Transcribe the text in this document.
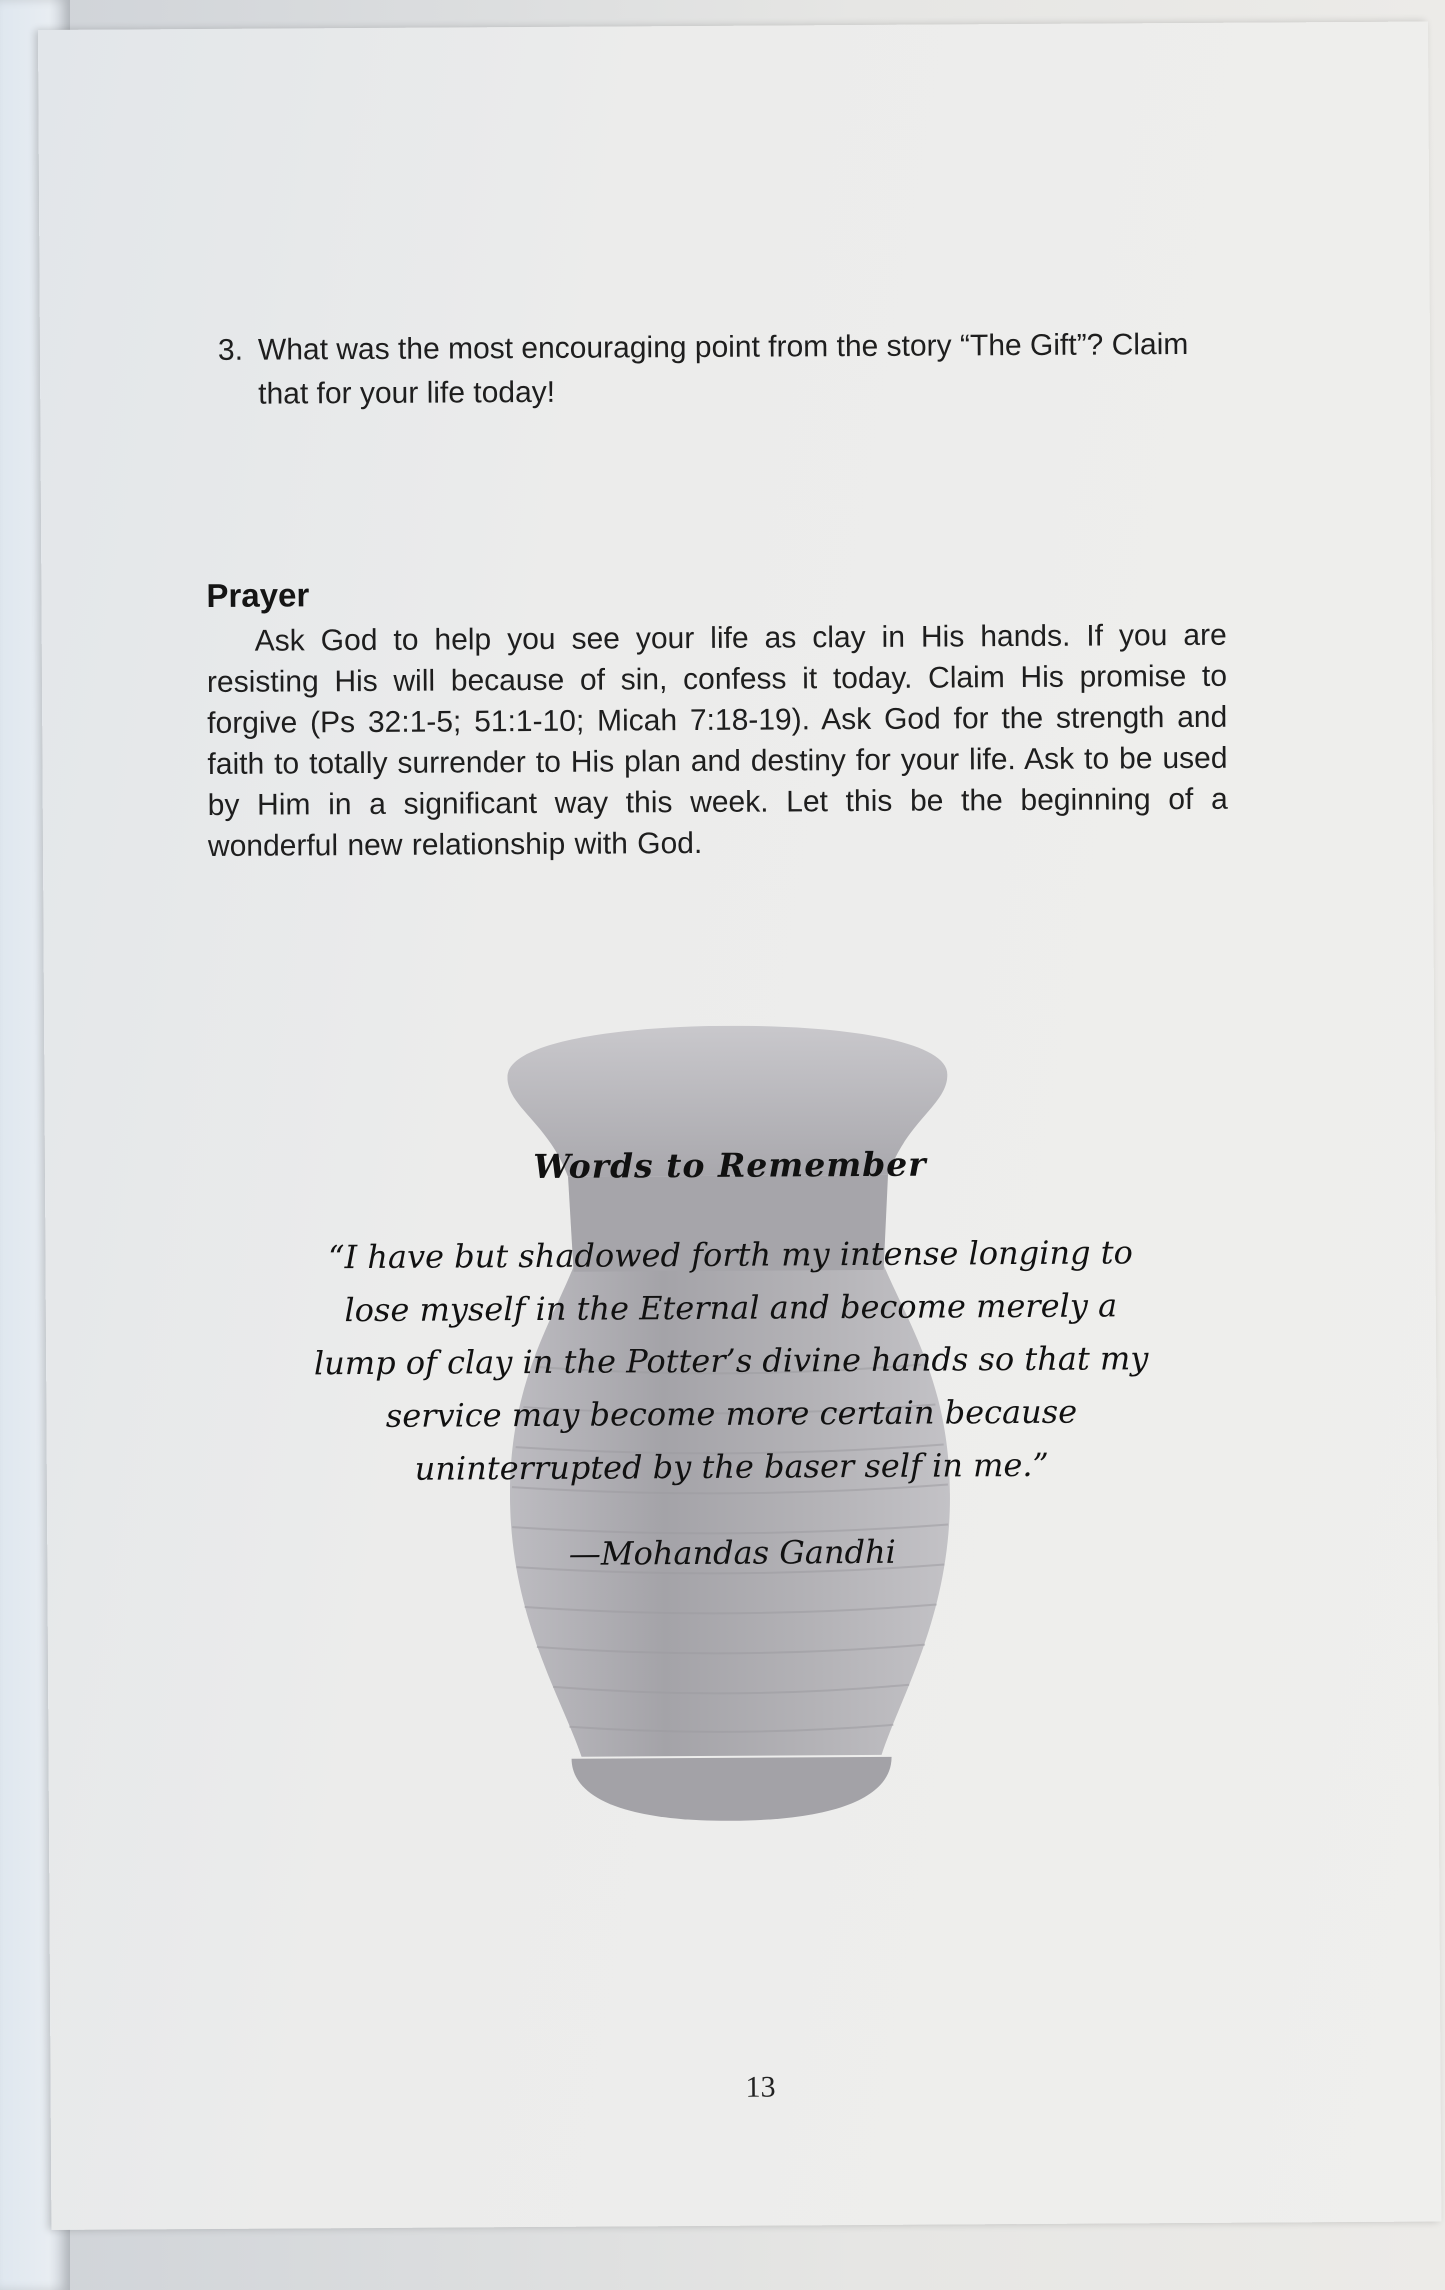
3. What was the most encouraging point from the story “The Gift”? Claim that for your life today!
Prayer
Ask God to help you see your life as clay in His hands. If you are resisting His will because of sin, confess it today. Claim His promise to forgive (Ps 32:1-5; 51:1-10; Micah 7:18-19). Ask God for the strength and faith to totally surrender to His plan and destiny for your life. Ask to be used by Him in a significant way this week. Let this be the beginning of a wonderful new relationship with God.
Words to Remember
“I have but shadowed forth my intense longing to lose myself in the Eternal and become merely a lump of clay in the Potter’s divine hands so that my service may become more certain because uninterrupted by the baser self in me.”
—Mohandas Gandhi
13
